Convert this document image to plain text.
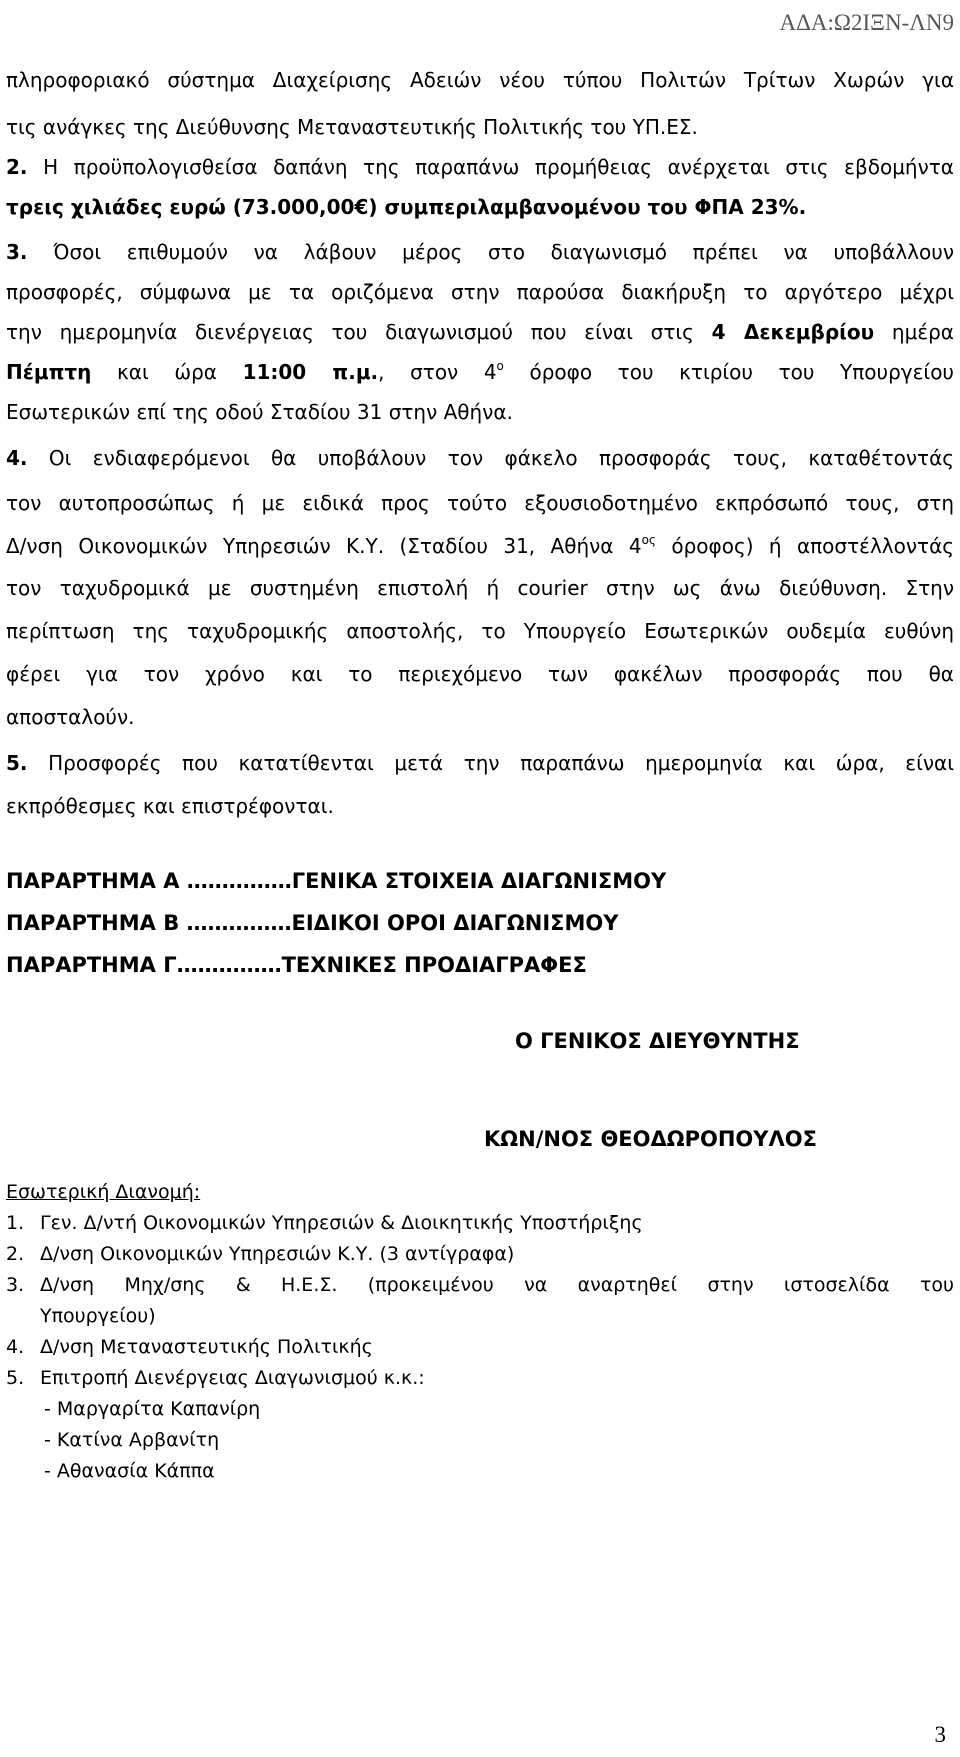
ΑΔΑ:Ω2ΙΞΝ-ΛΝ9
πληροφοριακό σύστημα Διαχείρισης Αδειών νέου τύπου Πολιτών Τρίτων Χωρών για
τις ανάγκες της Διεύθυνσης Μεταναστευτικής Πολιτικής του ΥΠ.ΕΣ.
2. Η προϋπολογισθείσα δαπάνη της παραπάνω προμήθειας ανέρχεται στις εβδομήντα
τρεις χιλιάδες ευρώ (73.000,00€) συμπεριλαμβανομένου του ΦΠΑ 23%.
3. Όσοι επιθυμούν να λάβουν μέρος στο διαγωνισμό πρέπει να υποβάλλουν
προσφορές, σύμφωνα με τα οριζόμενα στην παρούσα διακήρυξη το αργότερο μέχρι
την ημερομηνία διενέργειας του διαγωνισμού που είναι στις 4 Δεκεμβρίου ημέρα
Πέμπτη και ώρα 11:00 π.μ., στον $4^o$ όροφο του κτιρίου του Υπουργείου
Εσωτερικών επί της οδού Σταδίου 31 στην Αθήνα.
4. Οι ενδιαφερόμενοι θα υποβάλουν τον φάκελο προσφοράς τους, καταθέτοντάς
τον αυτοπροσώπως ή με ειδικά προς τούτο εξουσιοδοτημένο εκπρόσωπό τους, στη
Δ/νση Οικονομικών Υπηρεσιών Κ.Υ. (Σταδίου 31, Αθήνα $4^{o\varsigma}$ όροφος) ή αποστέλλοντάς
τον ταχυδρομικά με συστημένη επιστολή ή courier στην ως άνω διεύθυνση. Στην
περίπτωση της ταχυδρομικής αποστολής, το Υπουργείο Εσωτερικών ουδεμία ευθύνη
φέρει για τον χρόνο και το περιεχόμενο των φακέλων προσφοράς που θα
αποσταλούν.
5. Προσφορές που κατατίθενται μετά την παραπάνω ημερομηνία και ώρα, είναι
εκπρόθεσμες και επιστρέφονται.
ΠΑΡΑΡΤΗΜΑ Α ……………ΓΕΝΙΚΑ ΣΤΟΙΧΕΙΑ ΔΙΑΓΩΝΙΣΜΟΥ
ΠΑΡΑΡΤΗΜΑ Β ……………ΕΙΔΙΚΟΙ ΟΡΟΙ ΔΙΑΓΩΝΙΣΜΟΥ
ΠΑΡΑΡΤΗΜΑ Γ……………TΕΧΝΙΚΕΣ ΠΡΟΔΙΑΓΡΑΦΕΣ
Ο ΓΕΝΙΚΟΣ ΔΙΕΥΘΥΝΤΗΣ
ΚΩΝ/ΝΟΣ ΘΕΟΔΩΡΟΠΟΥΛΟΣ
Εσωτερική Διανομή:
1. Γεν. Δ/ντή Οικονομικών Υπηρεσιών & Διοικητικής Υποστήριξης
2. Δ/νση Οικονομικών Υπηρεσιών Κ.Υ. (3 αντίγραφα)
3. Δ/νση Μηχ/σης & Η.Ε.Σ. (προκειμένου να αναρτηθεί στην ιστοσελίδα του
Υπουργείου)
4. Δ/νση Μεταναστευτικής Πολιτικής
5. Επιτροπή Διενέργειας Διαγωνισμού κ.κ.:
- Μαργαρίτα Καπανίρη
- Κατίνα Αρβανίτη
- Αθανασία Κάππα
3
